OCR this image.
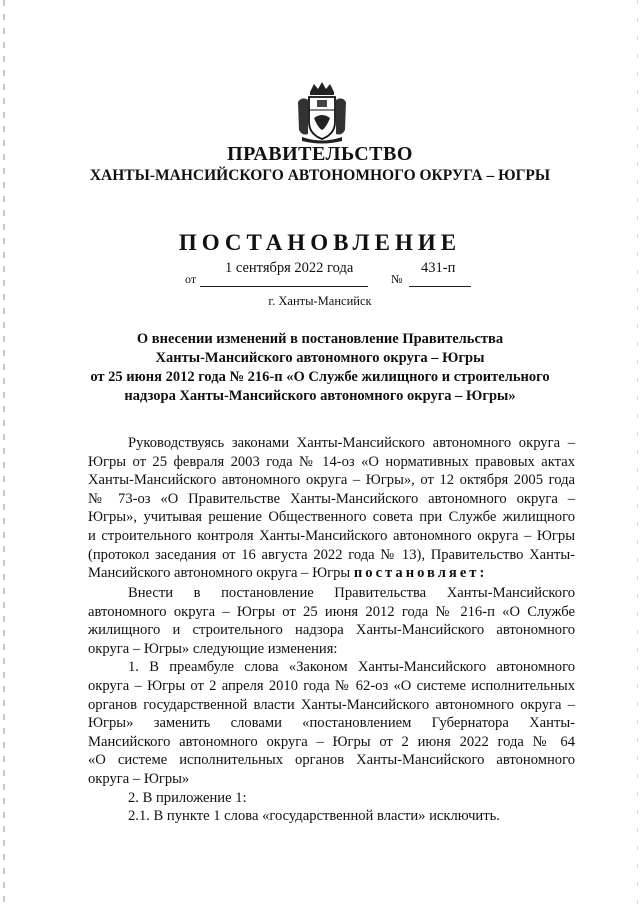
ПРАВИТЕЛЬСТВО
ХАНТЫ-МАНСИЙСКОГО АВТОНОМНОГО ОКРУГА – ЮГРЫ
ПОСТАНОВЛЕНИЕ
от
1 сентября 2022 года
№
431-п
г. Ханты-Мансийск
О внесении изменений в постановление Правительства
Ханты-Мансийского автономного округа – Югры
от 25 июня 2012 года № 216-п «О Службе жилищного и строительного
надзора Ханты-Мансийского автономного округа – Югры»
Руководствуясь законами Ханты-Мансийского автономного округа –
Югры от 25 февраля 2003 года № 14-оз «О нормативных правовых актах
Ханты-Мансийского автономного округа – Югры», от 12 октября 2005 года
№ 73-оз «О Правительстве Ханты-Мансийского автономного округа –
Югры», учитывая решение Общественного совета при Службе жилищного
и строительного контроля Ханты-Мансийского автономного округа – Югры
(протокол заседания от 16 августа 2022 года № 13), Правительство Ханты-
Мансийского автономного округа – Югры постановляет:
Внести в постановление Правительства Ханты-Мансийского
автономного округа – Югры от 25 июня 2012 года № 216-п «О Службе
жилищного и строительного надзора Ханты-Мансийского автономного
округа – Югры» следующие изменения:
1. В преамбуле слова «Законом Ханты-Мансийского автономного
округа – Югры от 2 апреля 2010 года № 62-оз «О системе исполнительных
органов государственной власти Ханты-Мансийского автономного округа –
Югры» заменить словами «постановлением Губернатора Ханты-
Мансийского автономного округа – Югры от 2 июня 2022 года № 64
«О системе исполнительных органов Ханты-Мансийского автономного
округа – Югры»
2. В приложение 1:
2.1. В пункте 1 слова «государственной власти» исключить.
